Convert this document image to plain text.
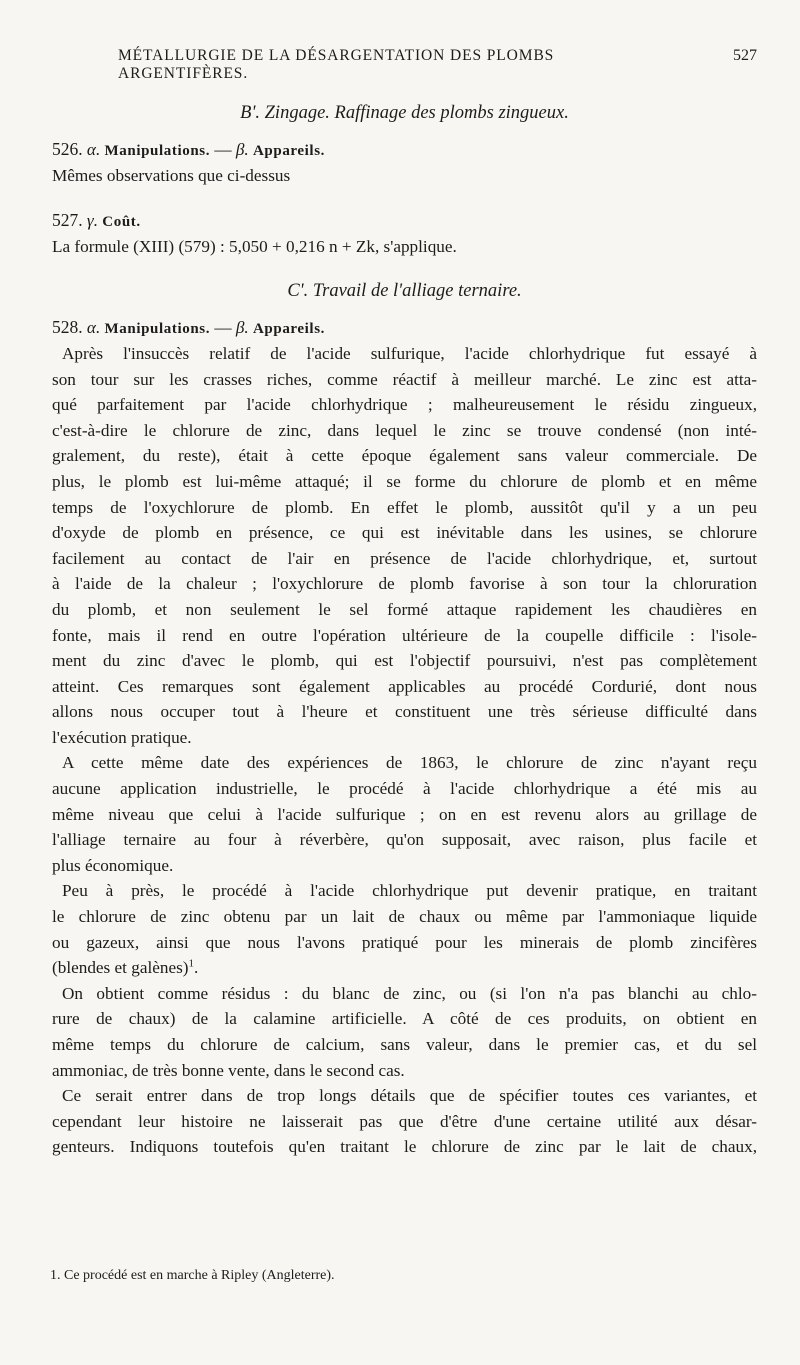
MÉTALLURGIE DE LA DÉSARGENTATION DES PLOMBS ARGENTIFÈRES.
527
B'. Zingage. Raffinage des plombs zingueux.
526. α. Manipulations. — β. Appareils.
Mêmes observations que ci-dessus
527. γ. Coût.
La formule (XIII) (579) : 5,050 + 0,216 n + Zk, s'applique.
C'. Travail de l'alliage ternaire.
528. α. Manipulations. — β. Appareils.
Après l'insuccès relatif de l'acide sulfurique, l'acide chlorhydrique fut essayé à
son tour sur les crasses riches, comme réactif à meilleur marché. Le zinc est atta-
qué parfaitement par l'acide chlorhydrique ; malheureusement le résidu zingueux,
c'est-à-dire le chlorure de zinc, dans lequel le zinc se trouve condensé (non inté-
gralement, du reste), était à cette époque également sans valeur commerciale. De
plus, le plomb est lui-même attaqué; il se forme du chlorure de plomb et en même
temps de l'oxychlorure de plomb. En effet le plomb, aussitôt qu'il y a un peu
d'oxyde de plomb en présence, ce qui est inévitable dans les usines, se chlorure
facilement au contact de l'air en présence de l'acide chlorhydrique, et, surtout
à l'aide de la chaleur ; l'oxychlorure de plomb favorise à son tour la chloruration
du plomb, et non seulement le sel formé attaque rapidement les chaudières en
fonte, mais il rend en outre l'opération ultérieure de la coupelle difficile : l'isole-
ment du zinc d'avec le plomb, qui est l'objectif poursuivi, n'est pas complètement
atteint. Ces remarques sont également applicables au procédé Cordurié, dont nous
allons nous occuper tout à l'heure et constituent une très sérieuse difficulté dans
l'exécution pratique.
A cette même date des expériences de 1863, le chlorure de zinc n'ayant reçu
aucune application industrielle, le procédé à l'acide chlorhydrique a été mis au
même niveau que celui à l'acide sulfurique ; on en est revenu alors au grillage de
l'alliage ternaire au four à réverbère, qu'on supposait, avec raison, plus facile et
plus économique.
Peu à près, le procédé à l'acide chlorhydrique put devenir pratique, en traitant
le chlorure de zinc obtenu par un lait de chaux ou même par l'ammoniaque liquide
ou gazeux, ainsi que nous l'avons pratiqué pour les minerais de plomb zincifères
(blendes et galènes)$^1$.
On obtient comme résidus : du blanc de zinc, ou (si l'on n'a pas blanchi au chlo-
rure de chaux) de la calamine artificielle. A côté de ces produits, on obtient en
même temps du chlorure de calcium, sans valeur, dans le premier cas, et du sel
ammoniac, de très bonne vente, dans le second cas.
Ce serait entrer dans de trop longs détails que de spécifier toutes ces variantes, et
cependant leur histoire ne laisserait pas que d'être d'une certaine utilité aux désar-
genteurs. Indiquons toutefois qu'en traitant le chlorure de zinc par le lait de chaux,
1. Ce procédé est en marche à Ripley (Angleterre).
